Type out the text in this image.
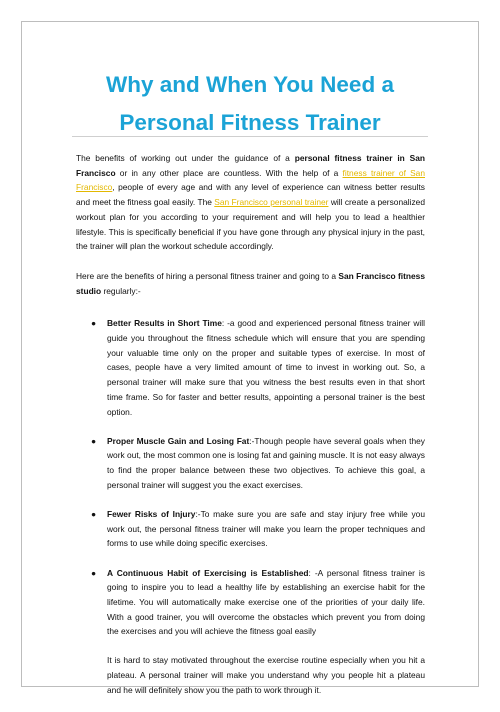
Why and When You Need a
Personal Fitness Trainer

The benefits of working out under the guidance of a personal fitness trainer in San Francisco or in any other place are countless. With the help of a fitness trainer of San Francisco, people of every age and with any level of experience can witness better results and meet the fitness goal easily. The San Francisco personal trainer will create a personalized workout plan for you according to your requirement and will help you to lead a healthier lifestyle. This is specifically beneficial if you have gone through any physical injury in the past, the trainer will plan the workout schedule accordingly.

Here are the benefits of hiring a personal fitness trainer and going to a San Francisco fitness studio regularly:-

● Better Results in Short Time: -a good and experienced personal fitness trainer will guide you throughout the fitness schedule which will ensure that you are spending your valuable time only on the proper and suitable types of exercise. In most of cases, people have a very limited amount of time to invest in working out. So, a personal trainer will make sure that you witness the best results even in that short time frame. So for faster and better results, appointing a personal trainer is the best option.
● Proper Muscle Gain and Losing Fat:-Though people have several goals when they work out, the most common one is losing fat and gaining muscle. It is not easy always to find the proper balance between these two objectives. To achieve this goal, a personal trainer will suggest you the exact exercises.
● Fewer Risks of Injury:-To make sure you are safe and stay injury free while you work out, the personal fitness trainer will make you learn the proper techniques and forms to use while doing specific exercises.
● A Continuous Habit of Exercising is Established: -A personal fitness trainer is going to inspire you to lead a healthy life by establishing an exercise habit for the lifetime. You will automatically make exercise one of the priorities of your daily life. With a good trainer, you will overcome the obstacles which prevent you from doing the exercises and you will achieve the fitness goal easily

It is hard to stay motivated throughout the exercise routine especially when you hit a plateau. A personal trainer will make you understand why you people hit a plateau and he will definitely show you the path to work through it.
